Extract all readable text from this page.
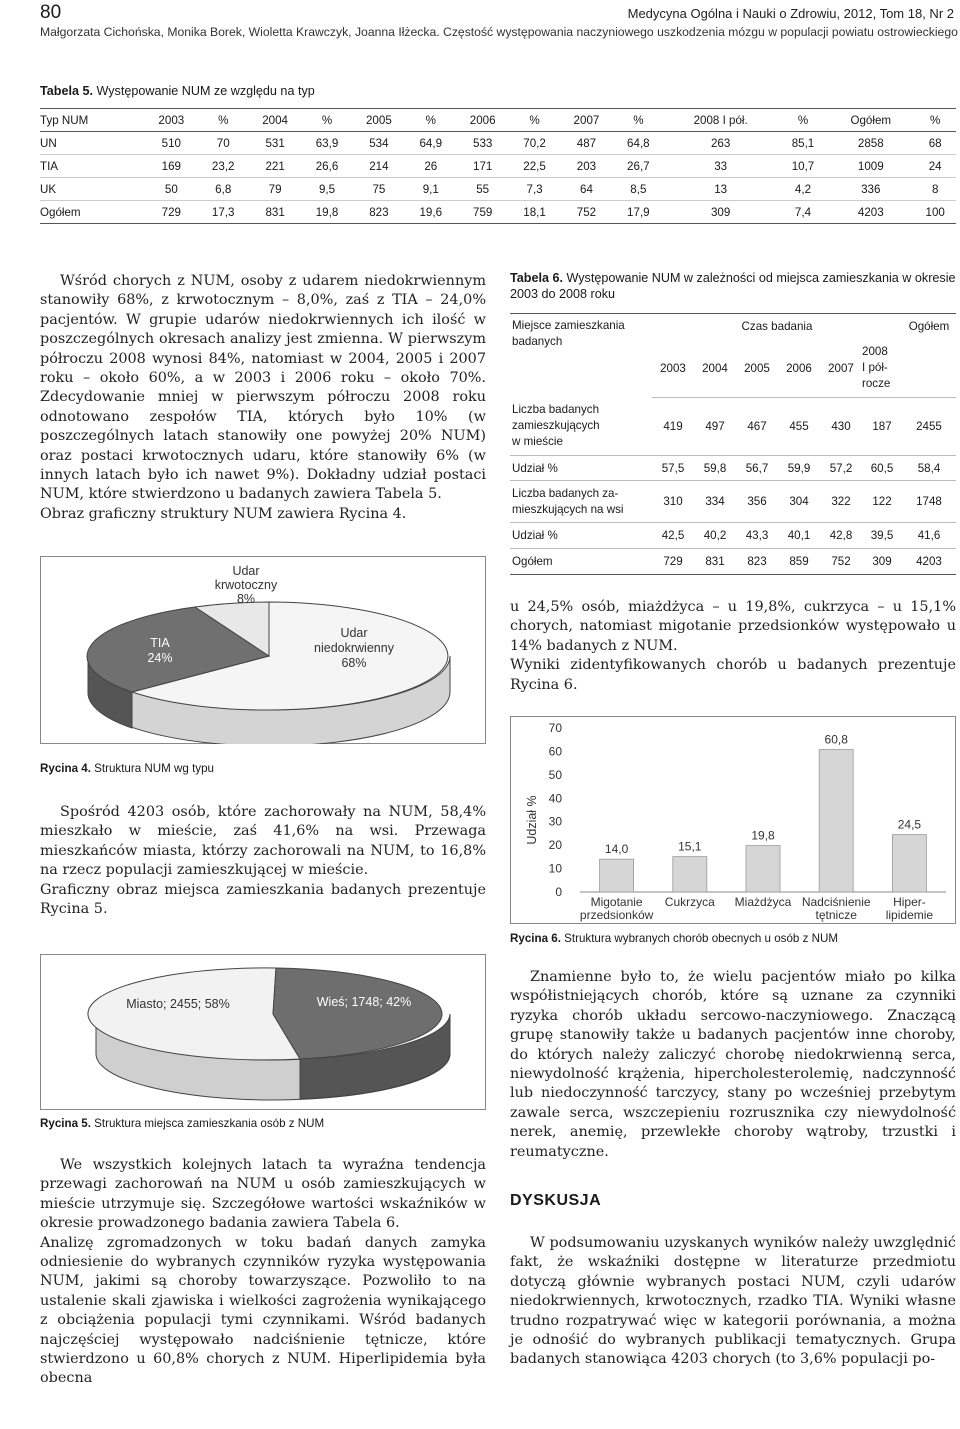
80	Medycyna Ogólna i Nauki o Zdrowiu, 2012, Tom 18, Nr 2
Małgorzata Cichońska, Monika Borek, Wioletta Krawczyk, Joanna Iłżecka. Częstość występowania naczyniowego uszkodzenia mózgu w populacji powiatu ostrowieckiego
Tabela 5. Występowanie NUM ze względu na typ
Typ NUM	2003	%	2004	%	2005	%	2006	%	2007	%	2008 I pół.	%	Ogółem	%
UN	510	70	531	63,9	534	64,9	533	70,2	487	64,8	263	85,1	2858	68
TIA	169	23,2	221	26,6	214	26	171	22,5	203	26,7	33	10,7	1009	24
UK	50	6,8	79	9,5	75	9,1	55	7,3	64	8,5	13	4,2	336	8
Ogółem	729	17,3	831	19,8	823	19,6	759	18,1	752	17,9	309	7,4	4203	100

Wśród chorych z NUM, osoby z udarem niedokrwiennym stanowiły 68%, z krwotocznym – 8,0%, zaś z TIA – 24,0% pacjentów. W grupie udarów niedokrwiennych ich ilość w poszczególnych okresach analizy jest zmienna. W pierwszym półroczu 2008 wynosi 84%, natomiast w 2004, 2005 i 2007 roku – około 60%, a w 2003 i 2006 roku – około 70%. Zdecydowanie mniej w pierwszym półroczu 2008 roku odnotowano zespołów TIA, których było 10% (w poszczególnych latach stanowiły one powyżej 20% NUM) oraz postaci krwotocznych udaru, które stanowiły 6% (w innych latach było ich nawet 9%). Dokładny udział postaci NUM, które stwierdzono u badanych zawiera Tabela 5.

Obraz graficzny struktury NUM zawiera Rycina 4.

Udar
niedokrwienny
68%
TIA
24%
Udar
krwotoczny
8%
Rycina 4. Struktura NUM wg typu

Spośród 4203 osób, które zachorowały na NUM, 58,4% mieszkało w mieście, zaś 41,6% na wsi. Przewaga mieszkańców miasta, którzy zachorowali na NUM, to 16,8% na rzecz populacji zamieszkującej w mieście.

Graficzny obraz miejsca zamieszkania badanych prezentuje Rycina 5.

Miasto; 2455; 58%	Wieś; 1748; 42%
Rycina 5. Struktura miejsca zamieszkania osób z NUM

We wszystkich kolejnych latach ta wyraźna tendencja przewagi zachorowań na NUM u osób zamieszkujących w mieście utrzymuje się. Szczegółowe wartości wskaźników w okresie prowadzonego badania zawiera Tabela 6.

Analizę zgromadzonych w toku badań danych zamyka odniesienie do wybranych czynników ryzyka występowania NUM, jakimi są choroby towarzyszące. Pozwoliło to na ustalenie skali zjawiska i wielkości zagrożenia wynikającego z obciążenia populacji tymi czynnikami. Wśród badanych najczęściej występowało nadciśnienie tętnicze, które stwierdzono u 60,8% chorych z NUM. Hiperlipidemia była obecna

Tabela 6. Występowanie NUM w zależności od miejsca zamieszkania w okresie 2003 do 2008 roku
Miejsce zamieszkania
badanych	Czas badania						Ogółem
	2003	2004	2005	2006	2007	2008
I pół-
rocze	
Liczba badanych
zamieszkujących
w mieście	419	497	467	455	430	187	2455
Udział %	57,5	59,8	56,7	59,9	57,2	60,5	58,4
Liczba badanych za-
mieszkujących na wsi	310	334	356	304	322	122	1748
Udział %	42,5	40,2	43,3	40,1	42,8	39,5	41,6
Ogółem	729	831	823	859	752	309	4203

u 24,5% osób, miażdżyca – u 19,8%, cukrzyca – u 15,1% chorych, natomiast migotanie przedsionków występowało u 14% badanych z NUM.

Wyniki zidentyfikowanych chorób u badanych prezentuje Rycina 6.

Udział %
0
10
20
30
40
50
60
70
14,0
Migotanie
przedsionków
15,1
Cukrzyca
19,8
Miażdżyca
60,8
Nadciśnienie
tętnicze
24,5
Hiper-
lipidemie
Rycina 6. Struktura wybranych chorób obecnych u osób z NUM

Znamienne było to, że wielu pacjentów miało po kilka współistniejących chorób, które są uznane za czynniki ryzyka chorób układu sercowo-naczyniowego. Znaczącą grupę stanowiły także u badanych pacjentów inne choroby, do których należy zaliczyć chorobę niedokrwienną serca, niewydolność krążenia, hipercholesterolemię, nadczynność lub niedoczynność tarczycy, stany po wcześniej przebytym zawale serca, wszczepieniu rozrusznika czy niewydolność nerek, anemię, przewlekłe choroby wątroby, trzustki i reumatyczne.

DYSKUSJA

W podsumowaniu uzyskanych wyników należy uwzględnić fakt, że wskaźniki dostępne w literaturze przedmiotu dotyczą głównie wybranych postaci NUM, czyli udarów niedokrwiennych, krwotocznych, rzadko TIA. Wyniki własne trudno rozpatrywać więc w kategorii porównania, a można je odnośić do wybranych publikacji tematycznych. Grupa badanych stanowiąca 4203 chorych (to 3,6% populacji po-
